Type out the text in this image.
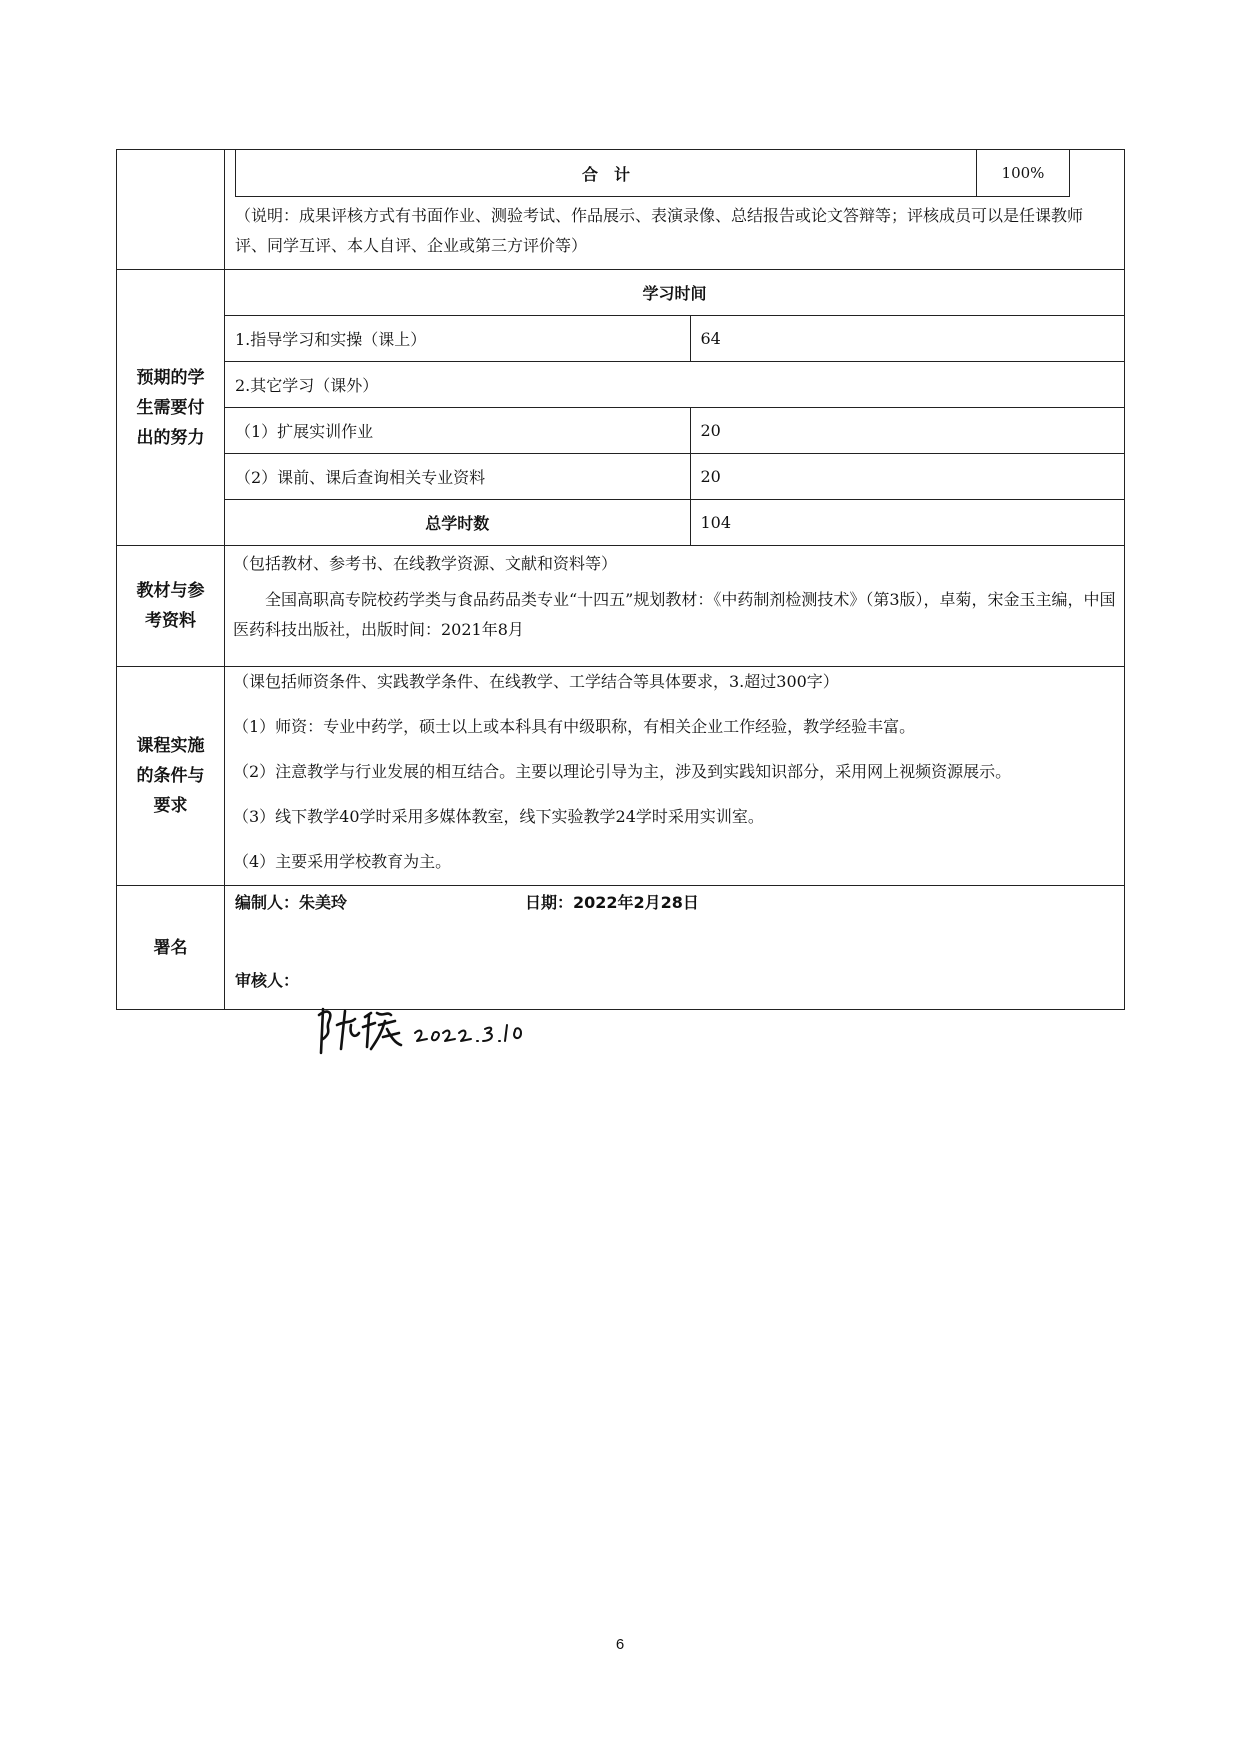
合　计	100%
（说明：成果评核方式有书面作业、测验考试、作品展示、表演录像、总结报告或论文答辩等；评核成员可以是任课教师评、同学互评、本人自评、企业或第三方评价等）

预期的学生需要付出的努力	
学习时间
1.指导学习和实操（课上）	64
2.其它学习（课外）
（1）扩展实训作业	20
（2）课前、课后查询相关专业资料	20
总学时数	104

教材与参考资料	

（包括教材、参考书、在线教学资源、文献和资料等）

全国高职高专院校药学类与食品药品类专业“十四五”规划教材：《中药制剂检测技术》（第3版），卓菊，宋金玉主编，中国医药科技出版社，出版时间：2021年8月

课程实施的条件与要求	

（课包括师资条件、实践教学条件、在线教学、工学结合等具体要求，3.超过300字）

（1）师资：专业中药学，硕士以上或本科具有中级职称，有相关企业工作经验，教学经验丰富。

（2）注意教学与行业发展的相互结合。主要以理论引导为主，涉及到实践知识部分，采用网上视频资源展示。

（3）线下教学40学时采用多媒体教室，线下实验教学24学时采用实训室。

（4）主要采用学校教育为主。

署名	
编制人：朱美玲	日期：2022年2月28日
审核人：
6
